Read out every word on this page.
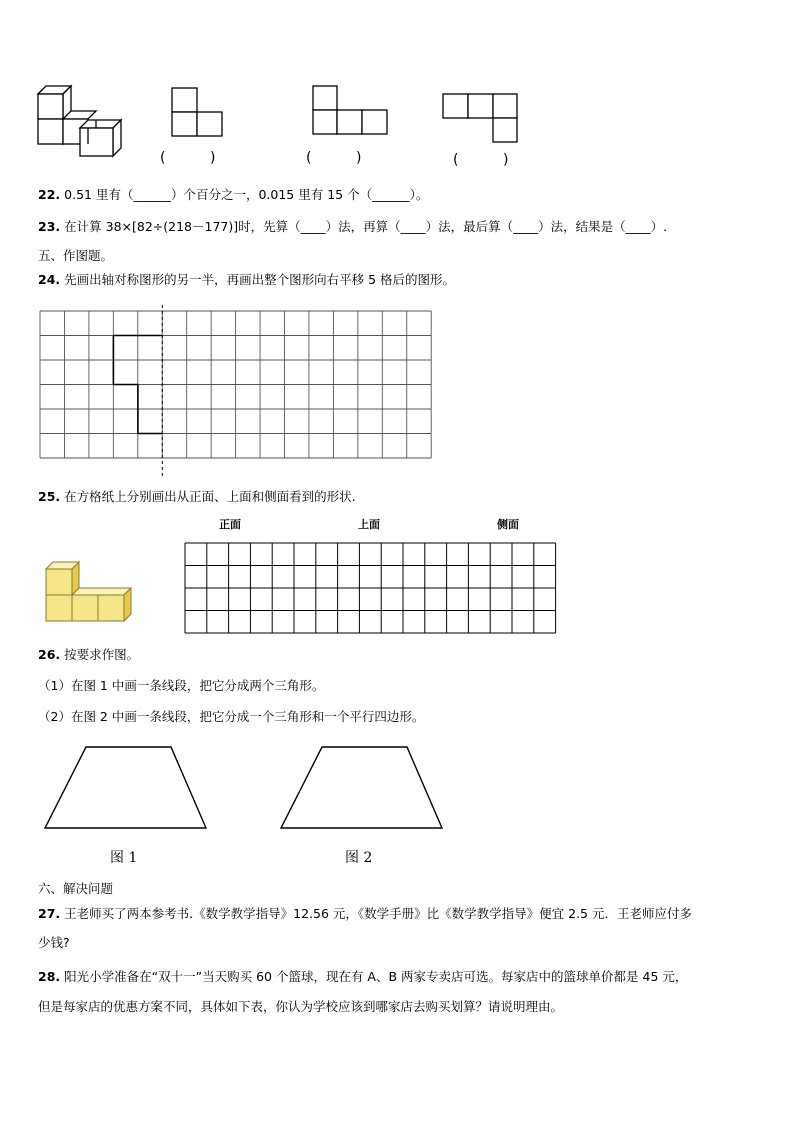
(          )	(          )	(          )
22. 0.51 里有（______）个百分之一，0.015 里有 15 个（______）。
23. 在计算 38×[82÷(218－177)]时，先算（____）法，再算（____）法，最后算（____）法，结果是（____）.
五、作图题。
24. 先画出轴对称图形的另一半，再画出整个图形向右平移 5 格后的图形。
25. 在方格纸上分别画出从正面、上面和侧面看到的形状.
正面	上面	侧面
26. 按要求作图。
（1）在图 1 中画一条线段，把它分成两个三角形。
（2）在图 2 中画一条线段，把它分成一个三角形和一个平行四边形。
图 1	图 2
六、解决问题
27. 王老师买了两本参考书.《数学教学指导》12.56 元，《数学手册》比《数学教学指导》便宜 2.5 元．王老师应付多
少钱?
28. 阳光小学准备在“双十一”当天购买 60 个篮球，现在有 A、B 两家专卖店可选。每家店中的篮球单价都是 45 元，
但是每家店的优惠方案不同，具体如下表，你认为学校应该到哪家店去购买划算？请说明理由。
